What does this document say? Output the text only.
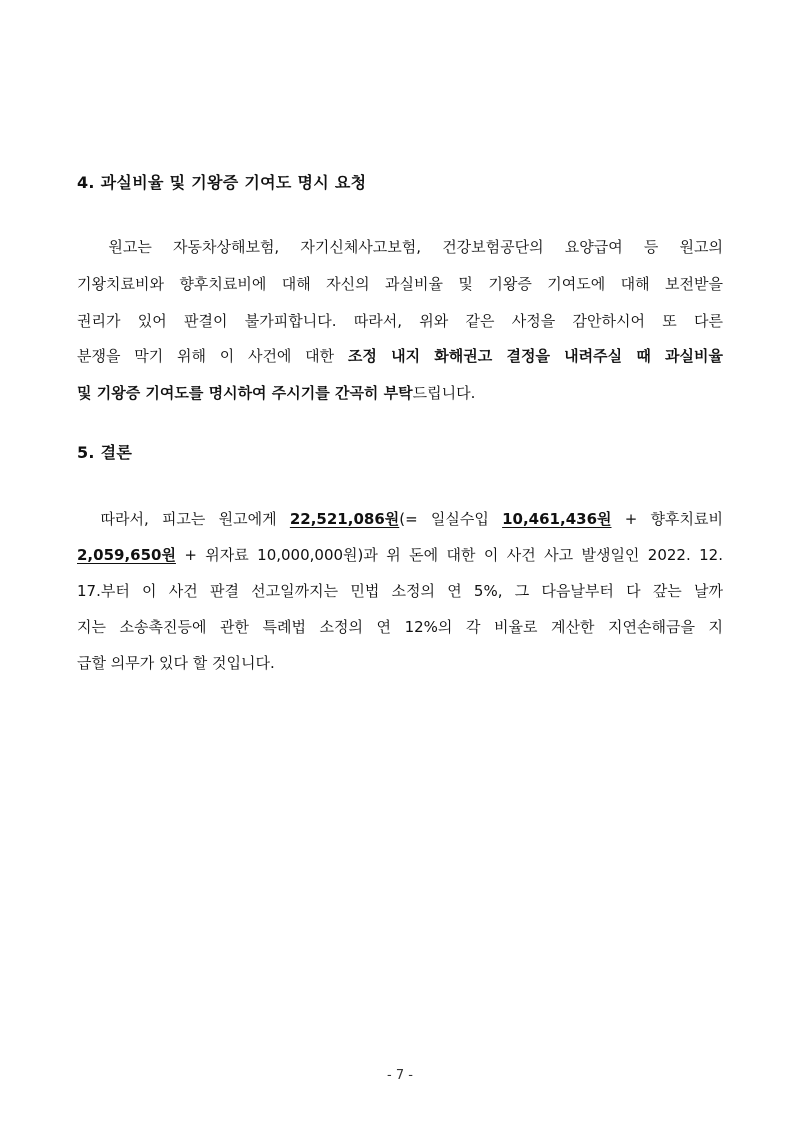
4. 과실비율 및 기왕증 기여도 명시 요청
　원고는 자동차상해보험, 자기신체사고보험, 건강보험공단의 요양급여 등 원고의
기왕치료비와 향후치료비에 대해 자신의 과실비율 및 기왕증 기여도에 대해 보전받을
권리가 있어 판결이 불가피합니다. 따라서, 위와 같은 사정을 감안하시어 또 다른
분쟁을 막기 위해 이 사건에 대한 조정 내지 화해권고 결정을 내려주실 때 과실비율
및 기왕증 기여도를 명시하여 주시기를 간곡히 부탁드립니다.
5. 결론
　따라서, 피고는 원고에게 22,521,086원(= 일실수입 10,461,436원 + 향후치료비
2,059,650원 + 위자료 10,000,000원)과 위 돈에 대한 이 사건 사고 발생일인 2022. 12.
17.부터 이 사건 판결 선고일까지는 민법 소정의 연 5%, 그 다음날부터 다 갚는 날까
지는 소송촉진등에 관한 특례법 소정의 연 12%의 각 비율로 계산한 지연손해금을 지
급할 의무가 있다 할 것입니다.
- 7 -
